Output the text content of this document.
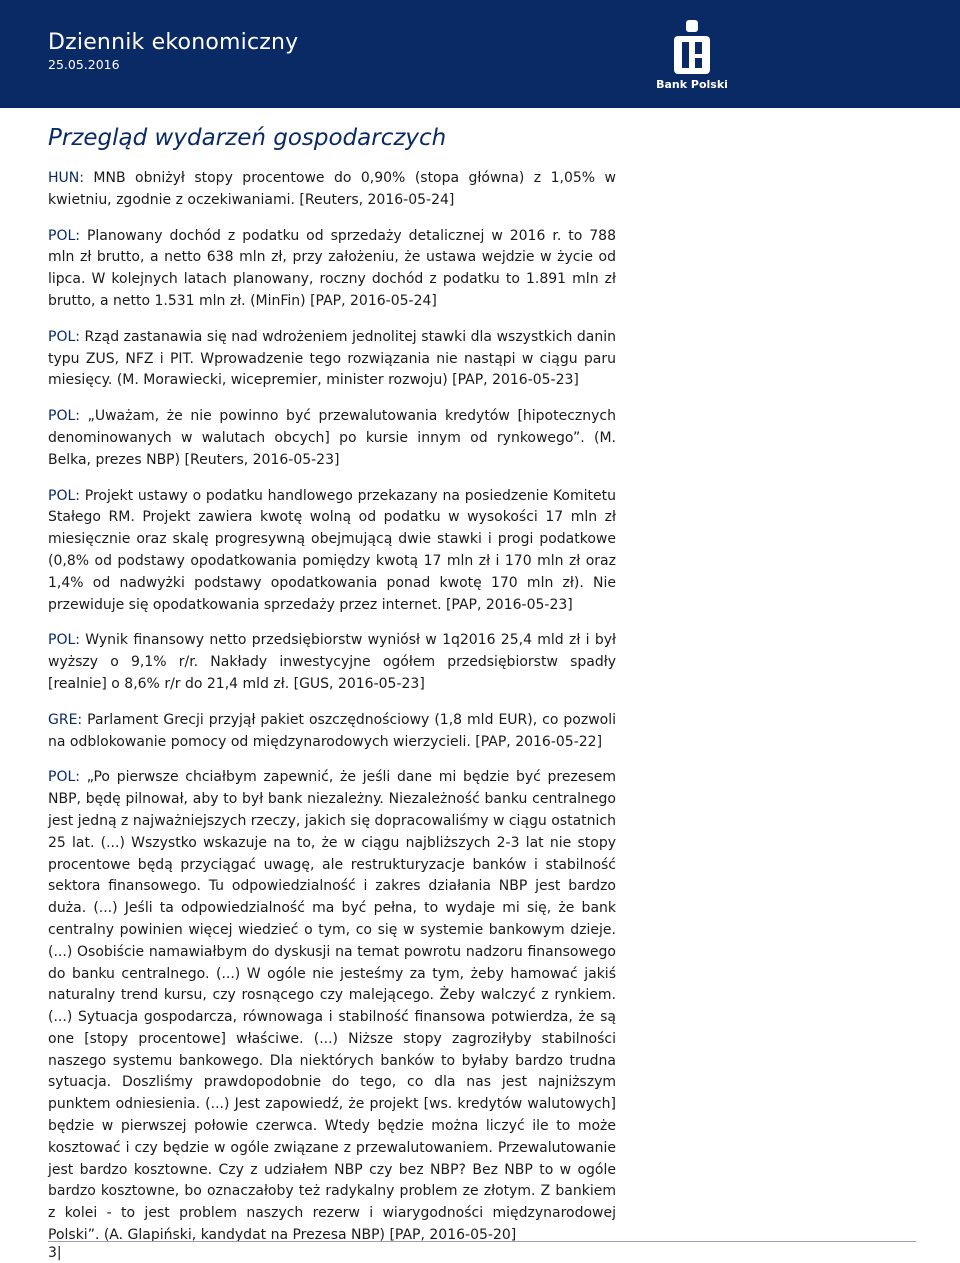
Dziennik ekonomiczny
25.05.2016
Bank Polski
Przegląd wydarzeń gospodarczych

HUN: MNB obniżył stopy procentowe do 0,90% (stopa główna) z 1,05% w kwietniu, zgodnie z oczekiwaniami. [Reuters, 2016-05-24]

POL: Planowany dochód z podatku od sprzedaży detalicznej w 2016 r. to 788 mln zł brutto, a netto 638 mln zł, przy założeniu, że ustawa wejdzie w życie od lipca. W kolejnych latach planowany, roczny dochód z podatku to 1.891 mln zł brutto, a netto 1.531 mln zł. (MinFin) [PAP, 2016-05-24]

POL: Rząd zastanawia się nad wdrożeniem jednolitej stawki dla wszystkich danin typu ZUS, NFZ i PIT. Wprowadzenie tego rozwiązania nie nastąpi w ciągu paru miesięcy. (M. Morawiecki, wicepremier, minister rozwoju) [PAP, 2016-05-23]

POL: „Uważam, że nie powinno być przewalutowania kredytów [hipotecznych denominowanych w walutach obcych] po kursie innym od rynkowego”. (M. Belka, prezes NBP) [Reuters, 2016-05-23]

POL: Projekt ustawy o podatku handlowego przekazany na posiedzenie Komitetu Stałego RM. Projekt zawiera kwotę wolną od podatku w wysokości 17 mln zł miesięcznie oraz skalę progresywną obejmującą dwie stawki i progi podatkowe (0,8% od podstawy opodatkowania pomiędzy kwotą 17 mln zł i 170 mln zł oraz 1,4% od nadwyżki podstawy opodatkowania ponad kwotę 170 mln zł). Nie przewiduje się opodatkowania sprzedaży przez internet. [PAP, 2016-05-23]

POL: Wynik finansowy netto przedsiębiorstw wyniósł w 1q2016 25,4 mld zł i był wyższy o 9,1% r/r. Nakłady inwestycyjne ogółem przedsiębiorstw spadły [realnie] o 8,6% r/r do 21,4 mld zł. [GUS, 2016-05-23]

GRE: Parlament Grecji przyjął pakiet oszczędnościowy (1,8 mld EUR), co pozwoli na odblokowanie pomocy od międzynarodowych wierzycieli. [PAP, 2016-05-22]

POL: „Po pierwsze chciałbym zapewnić, że jeśli dane mi będzie być prezesem NBP, będę pilnował, aby to był bank niezależny. Niezależność banku centralnego jest jedną z najważniejszych rzeczy, jakich się dopracowaliśmy w ciągu ostatnich 25 lat. (...) Wszystko wskazuje na to, że w ciągu najbliższych 2-3 lat nie stopy procentowe będą przyciągać uwagę, ale restrukturyzacje banków i stabilność sektora finansowego. Tu odpowiedzialność i zakres działania NBP jest bardzo duża. (...) Jeśli ta odpowiedzialność ma być pełna, to wydaje mi się, że bank centralny powinien więcej wiedzieć o tym, co się w systemie bankowym dzieje. (...) Osobiście namawiałbym do dyskusji na temat powrotu nadzoru finansowego do banku centralnego. (...) W ogóle nie jesteśmy za tym, żeby hamować jakiś naturalny trend kursu, czy rosnącego czy malejącego. Żeby walczyć z rynkiem. (...) Sytuacja gospodarcza, równowaga i stabilność finansowa potwierdza, że są one [stopy procentowe] właściwe. (...) Niższe stopy zagroziłyby stabilności naszego systemu bankowego. Dla niektórych banków to byłaby bardzo trudna sytuacja. Doszliśmy prawdopodobnie do tego, co dla nas jest najniższym punktem odniesienia. (...) Jest zapowiedź, że projekt [ws. kredytów walutowych] będzie w pierwszej połowie czerwca. Wtedy będzie można liczyć ile to może kosztować i czy będzie w ogóle związane z przewalutowaniem. Przewalutowanie jest bardzo kosztowne. Czy z udziałem NBP czy bez NBP? Bez NBP to w ogóle bardzo kosztowne, bo oznaczałoby też radykalny problem ze złotym. Z bankiem z kolei - to jest problem naszych rezerw i wiarygodności międzynarodowej Polski”. (A. Glapiński, kandydat na Prezesa NBP) [PAP, 2016-05-20]

3|
